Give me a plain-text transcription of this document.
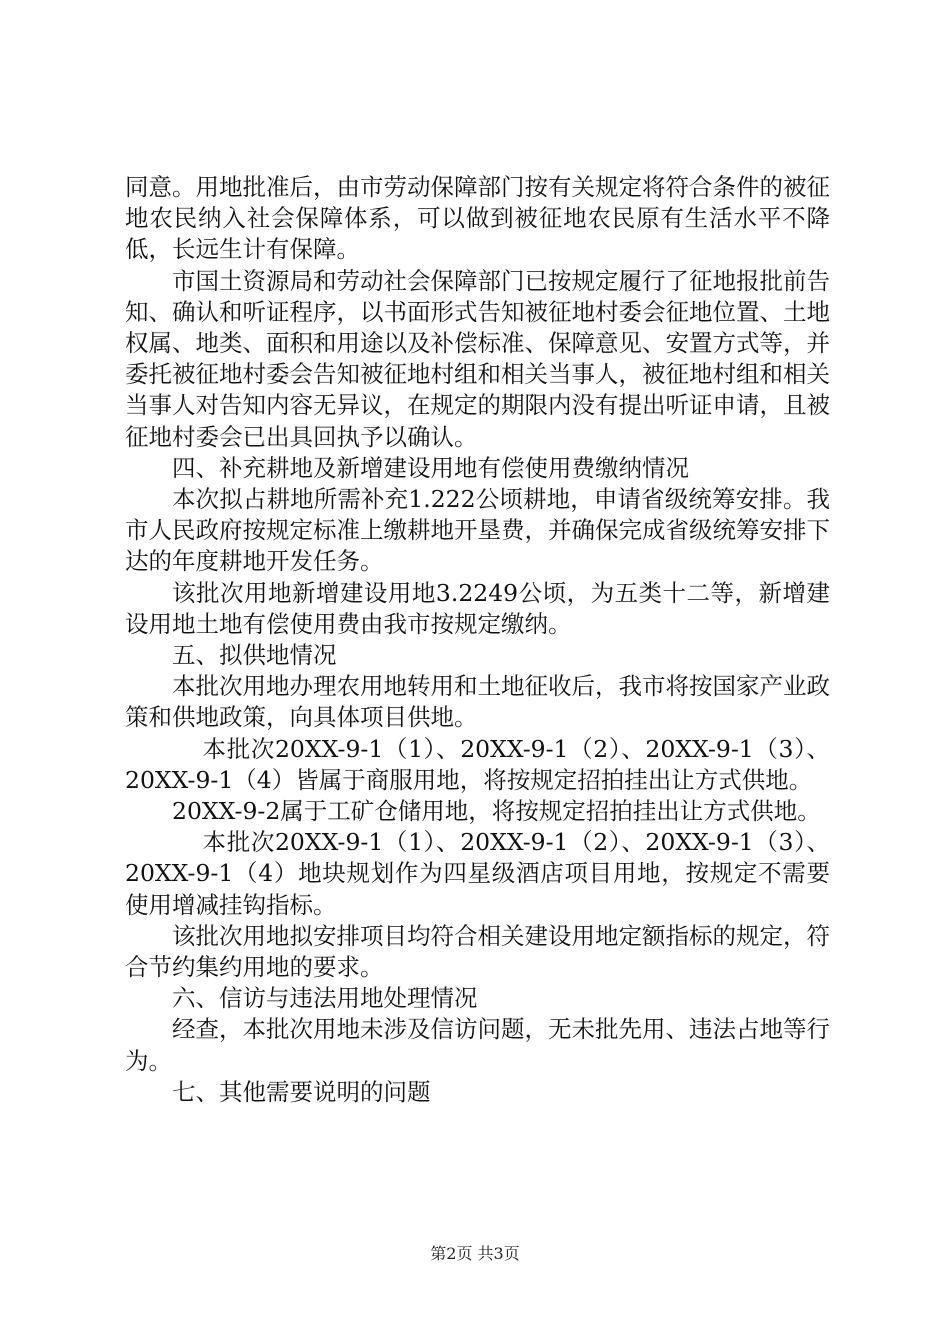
同意。用地批准后，由市劳动保障部门按有关规定将符合条件的被征地农民纳入社会保障体系，可以做到被征地农民原有生活水平不降低，长远生计有保障。

市国土资源局和劳动社会保障部门已按规定履行了征地报批前告知、确认和听证程序，以书面形式告知被征地村委会征地位置、土地权属、地类、面积和用途以及补偿标准、保障意见、安置方式等，并委托被征地村委会告知被征地村组和相关当事人，被征地村组和相关当事人对告知内容无异议，在规定的期限内没有提出听证申请，且被征地村委会已出具回执予以确认。

四、补充耕地及新增建设用地有偿使用费缴纳情况

本次拟占耕地所需补充1.222公顷耕地，申请省级统筹安排。我市人民政府按规定标准上缴耕地开垦费，并确保完成省级统筹安排下达的年度耕地开发任务。

该批次用地新增建设用地3.2249公顷，为五类十二等，新增建设用地土地有偿使用费由我市按规定缴纳。

五、拟供地情况

本批次用地办理农用地转用和土地征收后，我市将按国家产业政策和供地政策，向具体项目供地。

本批次20XX-9-1（1）、20XX-9-1（2）、20XX-9-1（3）、20XX-9-1（4）皆属于商服用地，将按规定招拍挂出让方式供地。

20XX-9-2属于工矿仓储用地，将按规定招拍挂出让方式供地。

本批次20XX-9-1（1）、20XX-9-1（2）、20XX-9-1（3）、20XX-9-1（4）地块规划作为四星级酒店项目用地，按规定不需要使用增减挂钩指标。

该批次用地拟安排项目均符合相关建设用地定额指标的规定，符合节约集约用地的要求。

六、信访与违法用地处理情况

经查，本批次用地未涉及信访问题，无未批先用、违法占地等行为。

七、其他需要说明的问题

第2页 共3页
